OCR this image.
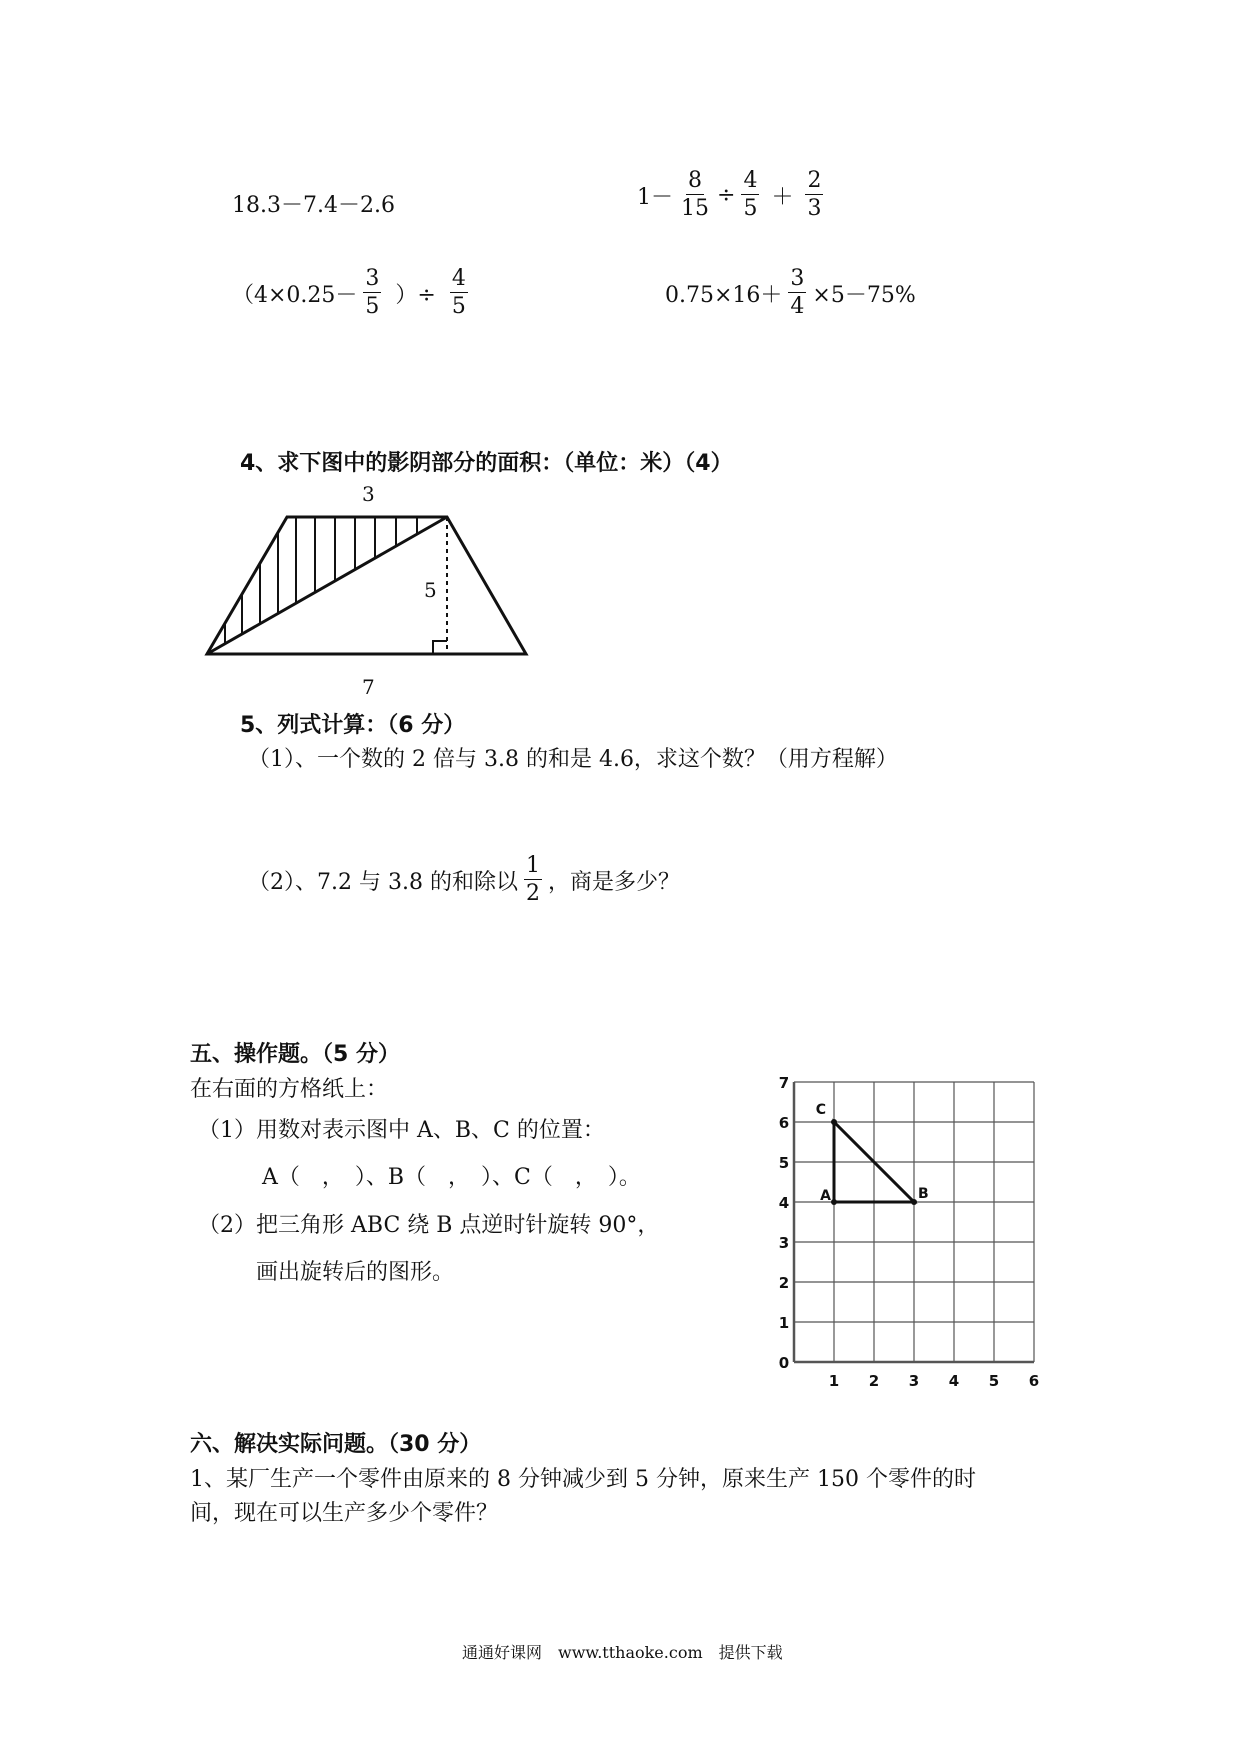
18.3－7.4－2.6	$1- \frac{8}{15} \div \frac{4}{5} + \frac{2}{3}$
（$4\times 0.25- \frac{3}{5}$ ）÷ $\frac{4}{5}$	$0.75\times 16+ \frac{3}{4} \times 5-75\%$
4、求下图中的影阴部分的面积：（单位：米）（4）
3
5
7
5、列式计算：（6 分）
（1）、一个数的 2 倍与 3.8 的和是 4.6，求这个数？（用方程解）
（2）、7.2 与 3.8 的和除以 $\frac{1}{2}$ ，商是多少？
五、操作题。（5 分）
在右面的方格纸上：
（1）用数对表示图中 A、B、C 的位置：
A（　，　）、B（　，　）、C（　，　）。
（2）把三角形 ABC 绕 B 点逆时针旋转 90°，
画出旋转后的图形。
0
1 2 3 4 5 6
1
2
3
4
5
6
7
A	B
C
六、解决实际问题。（30 分）
1、某厂生产一个零件由原来的 8 分钟减少到 5 分钟，原来生产 150 个零件的时
间，现在可以生产多少个零件？
通通好课网　www.tthaoke.com　提供下载
